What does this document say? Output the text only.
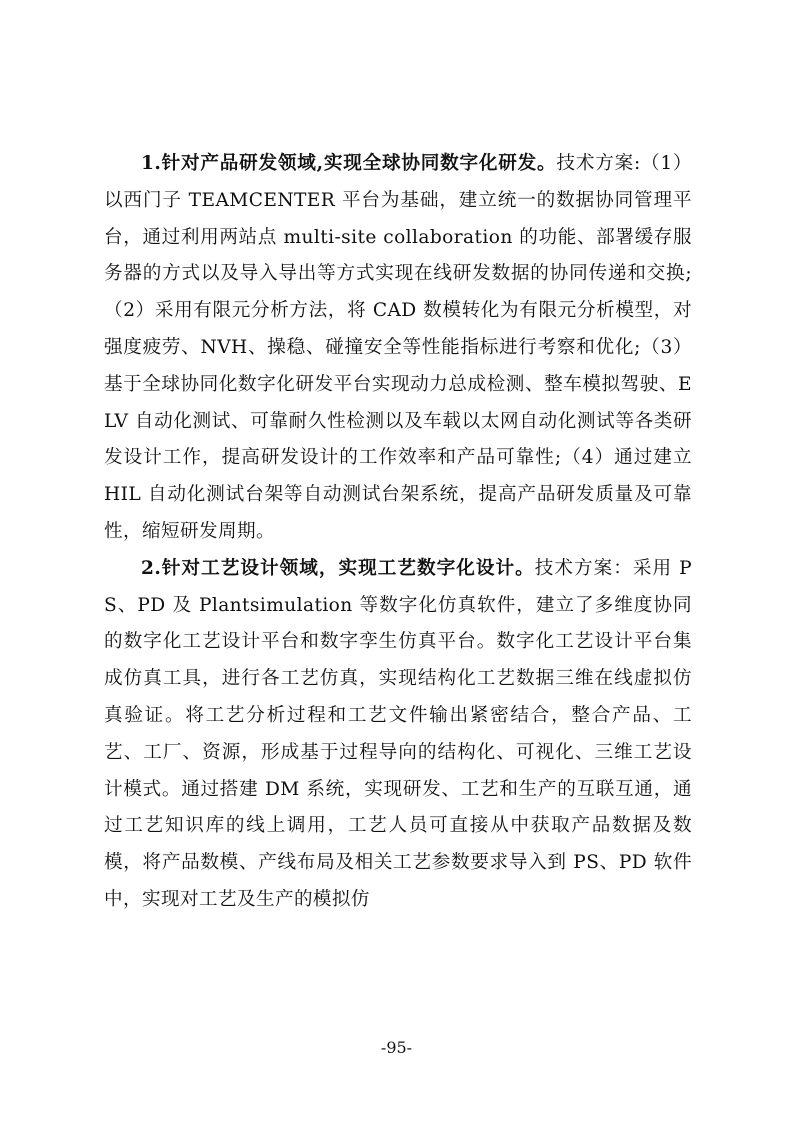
1.针对产品研发领域,实现全球协同数字化研发。技术方案:（1）以西门子 TEAMCENTER 平台为基础，建立统一的数据协同管理平台，通过利用两站点 multi-site collaboration 的功能、部署缓存服务器的方式以及导入导出等方式实现在线研发数据的协同传递和交换;（2）采用有限元分析方法，将 CAD 数模转化为有限元分析模型，对强度疲劳、NVH、操稳、碰撞安全等性能指标进行考察和优化;（3）基于全球协同化数字化研发平台实现动力总成检测、整车模拟驾驶、ELV 自动化测试、可靠耐久性检测以及车载以太网自动化测试等各类研发设计工作，提高研发设计的工作效率和产品可靠性;（4）通过建立 HIL 自动化测试台架等自动测试台架系统，提高产品研发质量及可靠性，缩短研发周期。

2.针对工艺设计领域，实现工艺数字化设计。技术方案：采用 PS、PD 及 Plantsimulation 等数字化仿真软件，建立了多维度协同的数字化工艺设计平台和数字孪生仿真平台。数字化工艺设计平台集成仿真工具，进行各工艺仿真，实现结构化工艺数据三维在线虚拟仿真验证。将工艺分析过程和工艺文件输出紧密结合，整合产品、工艺、工厂、资源，形成基于过程导向的结构化、可视化、三维工艺设计模式。通过搭建 DM 系统，实现研发、工艺和生产的互联互通，通过工艺知识库的线上调用，工艺人员可直接从中获取产品数据及数模，将产品数模、产线布局及相关工艺参数要求导入到 PS、PD 软件中，实现对工艺及生产的模拟仿

-95-
